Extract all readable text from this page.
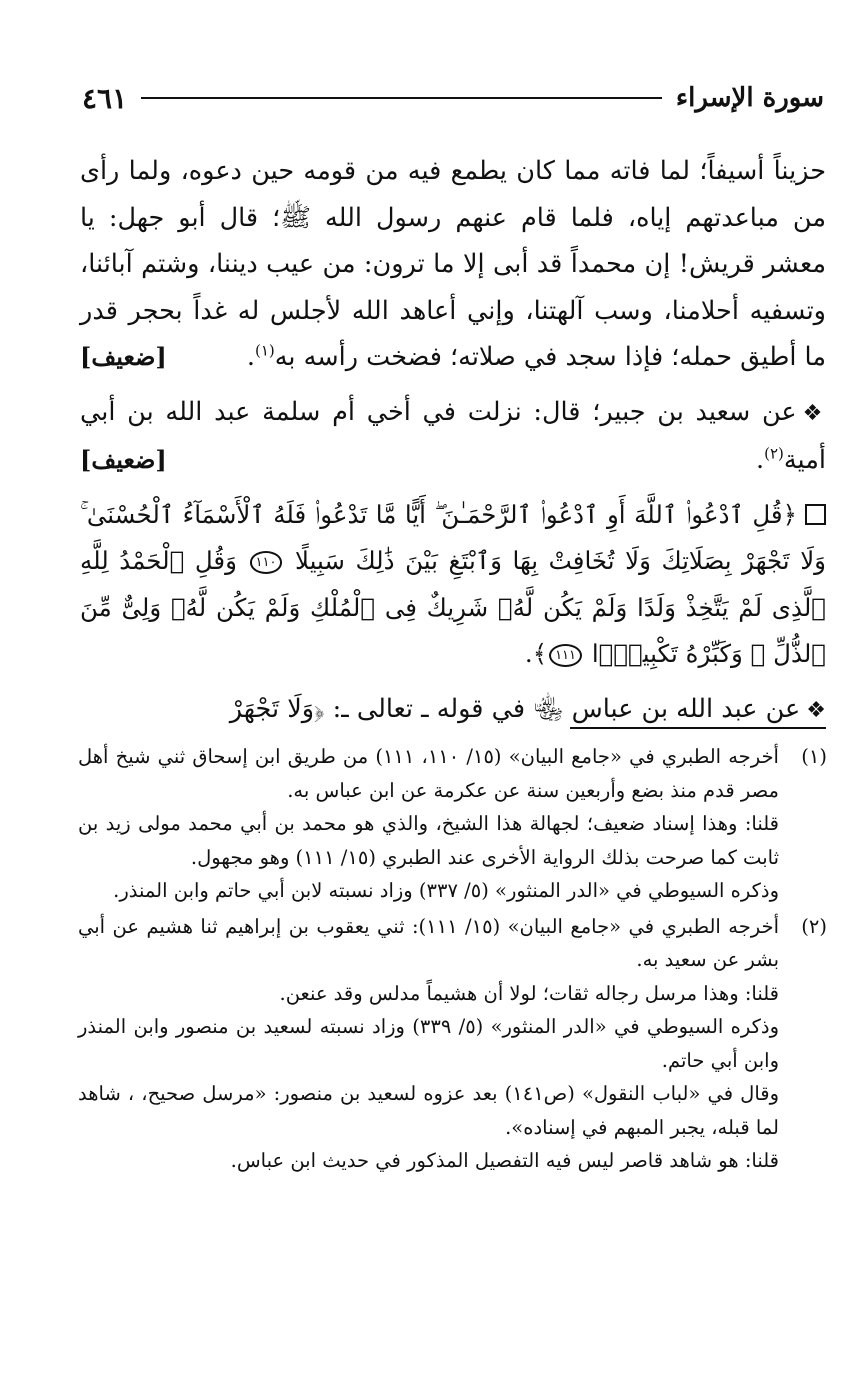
سورة الإسراء
٤٦١

حزيناً أسيفاً؛ لما فاته مما كان يطمع فيه من قومه حين دعوه، ولما رأى من مباعدتهم إياه، فلما قام عنهم رسول الله ﷺ؛ قال أبو جهل: يا معشر قريش! إن محمداً قد أبى إلا ما ترون: من عيب ديننا، وشتم آبائنا، وتسفيه أحلامنا، وسب آلهتنا، وإني أعاهد الله لأجلس له غداً بحجر قدر ما أطيق حمله؛ فإذا سجد في صلاته؛ فضخت رأسه به$^{(١)}$.
[ضعيف]

❖عن سعيد بن جبير؛ قال: نزلت في أخي أم سلمة عبد الله بن أبي أمية$^{(٢)}$.
[ضعيف]

﴿قُلِ ٱدْعُوا۟ ٱللَّهَ أَوِ ٱدْعُوا۟ ٱلرَّحْمَـٰنَ ۖ أَيًّا مَّا تَدْعُوا۟ فَلَهُ ٱلْأَسْمَآءُ ٱلْحُسْنَىٰ ۚ وَلَا تَجْهَرْ بِصَلَاتِكَ وَلَا تُخَافِتْ بِهَا وَٱبْتَغِ بَيْنَ ذَٰلِكَ سَبِيلًا ١١٠ وَقُلِ ٱلْحَمْدُ لِلَّهِ ٱلَّذِى لَمْ يَتَّخِذْ وَلَدًا وَلَمْ يَكُن لَّهُۥ شَرِيكٌ فِى ٱلْمُلْكِ وَلَمْ يَكُن لَّهُۥ وَلِىٌّ مِّنَ ٱلذُّلِّ ۖ وَكَبِّرْهُ تَكْبِيرًۢا ١١١﴾.

❖عن عبد الله بن عباس ﵄ في قوله ـ تعالى ـ: ﴿وَلَا تَجْهَرْ

(١)

أخرجه الطبري في «جامع البيان» (١٥/ ١١٠، ١١١) من طريق ابن إسحاق ثني شيخ أهل مصر قدم منذ بضع وأربعين سنة عن عكرمة عن ابن عباس به.

قلنا: وهذا إسناد ضعيف؛ لجهالة هذا الشيخ، والذي هو محمد بن أبي محمد مولى زيد بن ثابت كما صرحت بذلك الرواية الأخرى عند الطبري (١٥/ ١١١) وهو مجهول.

وذكره السيوطي في «الدر المنثور» (٥/ ٣٣٧) وزاد نسبته لابن أبي حاتم وابن المنذر.

(٢)

أخرجه الطبري في «جامع البيان» (١٥/ ١١١): ثني يعقوب بن إبراهيم ثنا هشيم عن أبي بشر عن سعيد به.

قلنا: وهذا مرسل رجاله ثقات؛ لولا أن هشيماً مدلس وقد عنعن.

وذكره السيوطي في «الدر المنثور» (٥/ ٣٣٩) وزاد نسبته لسعيد بن منصور وابن المنذر وابن أبي حاتم.

وقال في «لباب النقول» (ص١٤١) بعد عزوه لسعيد بن منصور: «مرسل صحيح، ، شاهد لما قبله، يجبر المبهم في إسناده».

قلنا: هو شاهد قاصر ليس فيه التفصيل المذكور في حديث ابن عباس.
